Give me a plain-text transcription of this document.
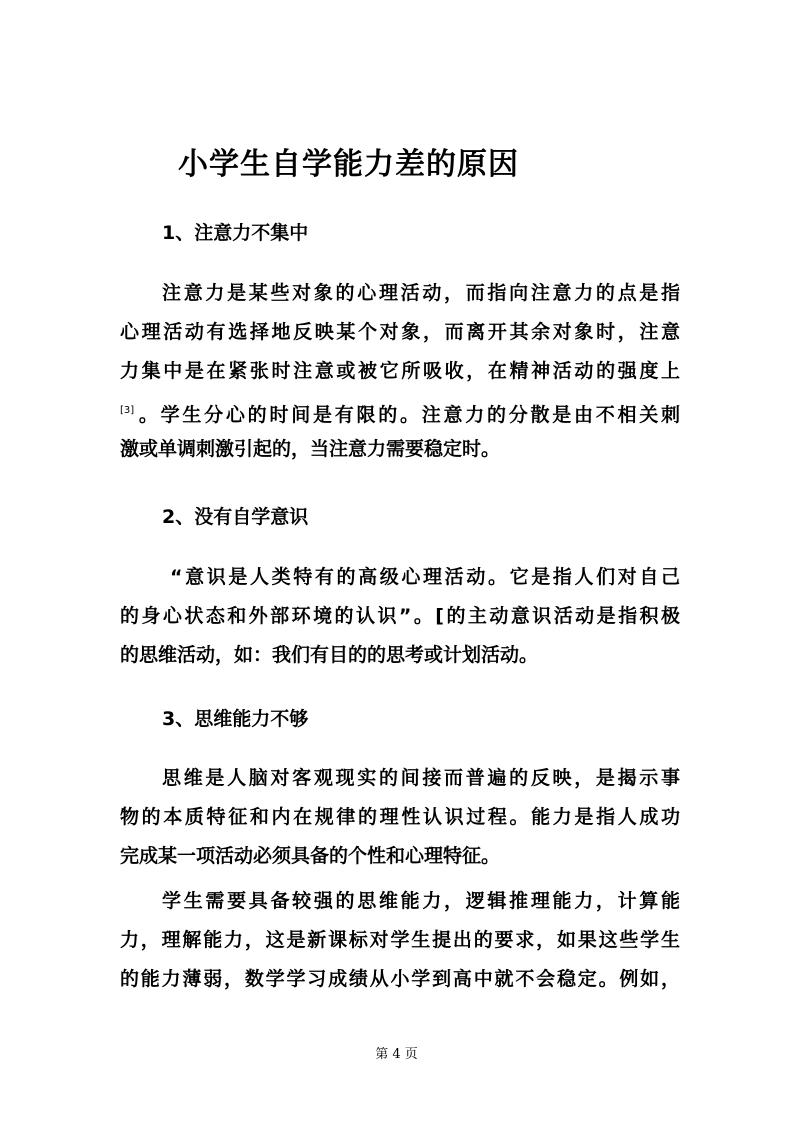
小学生自学能力差的原因
1、注意力不集中
注意力是某些对象的心理活动，而指向注意力的点是指
心理活动有选择地反映某个对象，而离开其余对象时，注意
力集中是在紧张时注意或被它所吸收，在精神活动的强度上
[3] 。学生分心的时间是有限的。注意力的分散是由不相关刺
激或单调刺激引起的，当注意力需要稳定时。
2、没有自学意识
“意识是人类特有的高级心理活动。它是指人们对自己
的身心状态和外部环境的认识”。[的主动意识活动是指积极
的思维活动，如：我们有目的的思考或计划活动。
3、思维能力不够
思维是人脑对客观现实的间接而普遍的反映，是揭示事
物的本质特征和内在规律的理性认识过程。能力是指人成功
完成某一项活动必须具备的个性和心理特征。
学生需要具备较强的思维能力，逻辑推理能力，计算能
力，理解能力，这是新课标对学生提出的要求，如果这些学生
的能力薄弱，数学学习成绩从小学到高中就不会稳定。例如，
第 4 页
